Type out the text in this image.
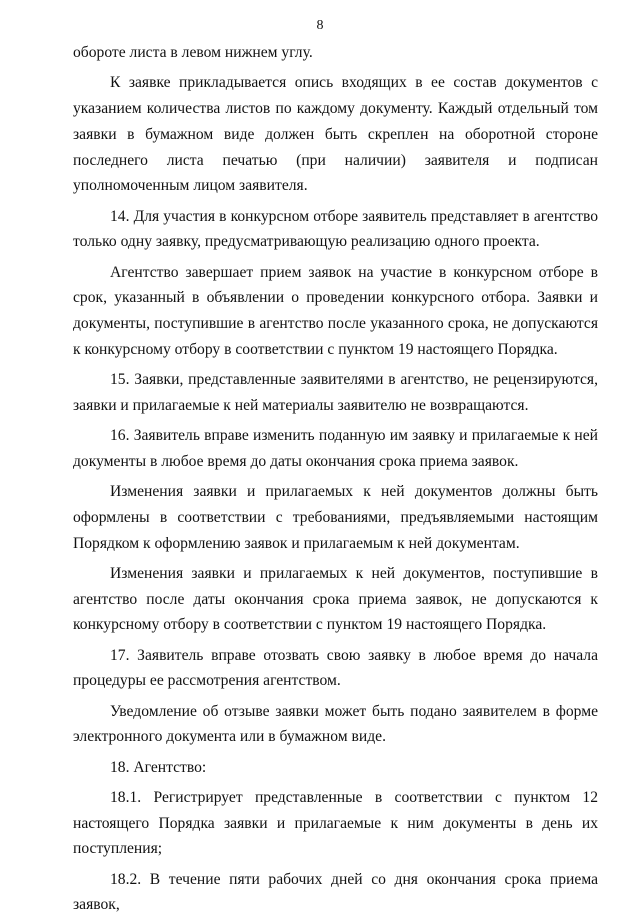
8

обороте листа в левом нижнем углу.

К заявке прикладывается опись входящих в ее состав документов с указанием количества листов по каждому документу. Каждый отдельный том заявки в бумажном виде должен быть скреплен на оборотной стороне последнего листа печатью (при наличии) заявителя и подписан уполномоченным лицом заявителя.

14. Для участия в конкурсном отборе заявитель представляет в агентство только одну заявку, предусматривающую реализацию одного проекта.

Агентство завершает прием заявок на участие в конкурсном отборе в срок, указанный в объявлении о проведении конкурсного отбора. Заявки и документы, поступившие в агентство после указанного срока, не допускаются к конкурсному отбору в соответствии с пунктом 19 настоящего Порядка.

15. Заявки, представленные заявителями в агентство, не рецензируются, заявки и прилагаемые к ней материалы заявителю не возвращаются.

16. Заявитель вправе изменить поданную им заявку и прилагаемые к ней документы в любое время до даты окончания срока приема заявок.

Изменения заявки и прилагаемых к ней документов должны быть оформлены в соответствии с требованиями, предъявляемыми настоящим Порядком к оформлению заявок и прилагаемым к ней документам.

Изменения заявки и прилагаемых к ней документов, поступившие в агентство после даты окончания срока приема заявок, не допускаются к конкурсному отбору в соответствии с пунктом 19 настоящего Порядка.

17. Заявитель вправе отозвать свою заявку в любое время до начала процедуры ее рассмотрения агентством.

Уведомление об отзыве заявки может быть подано заявителем в форме электронного документа или в бумажном виде.

18. Агентство:

18.1. Регистрирует представленные в соответствии с пунктом 12 настоящего Порядка заявки и прилагаемые к ним документы в день их поступления;

18.2. В течение пяти рабочих дней со дня окончания срока приема заявок,
